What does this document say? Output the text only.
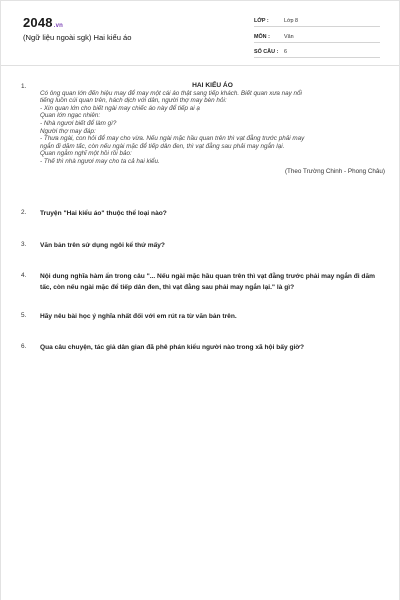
2048.vn
(Ngữ liệu ngoài sgk) Hai kiểu áo
LỚP :	Lớp 8
MÔN :	Văn
SỐ CÂU :	6
1.	HAI KIỂU ÁO
Có ông quan lớn đến hiệu may để may một cái áo thật sang tiếp khách. Biết quan xưa nay nổi
tiếng luồn cúi quan trên, hách dịch với dân, người thợ may bèn hỏi:
- Xin quan lớn cho biết ngài may chiếc áo này để tiếp ai ạ
Quan lớn ngạc nhiên:
- Nhà ngươi biết để làm gì?
Người thợ may đáp:
- Thưa ngài, con hỏi để may cho vừa. Nếu ngài mặc hầu quan trên thì vạt đằng trước phải may
ngắn đi dăm tấc, còn nếu ngài mặc để tiếp dân đen, thì vạt đằng sau phải may ngắn lại.
Quan ngẫm nghĩ một hồi rồi bảo:
- Thế thì nhà ngươi may cho ta cả hai kiểu.
(Theo Trường Chinh - Phong Châu)
2.	Truyện "Hai kiểu áo" thuộc thể loại nào?
3.	Văn bản trên sử dụng ngôi kể thứ mấy?
4.	Nội dung nghĩa hàm ẩn trong câu "... Nếu ngài mặc hầu quan trên thì vạt đằng trước phải may ngắn đi dăm tấc, còn nếu ngài mặc để tiếp dân đen, thì vạt đằng sau phải may ngắn lại." là gì?
5.	Hãy nêu bài học ý nghĩa nhất đối với em rút ra từ văn bản trên.
6.	Qua câu chuyện, tác giả dân gian đã phê phán kiểu người nào trong xã hội bấy giờ?
